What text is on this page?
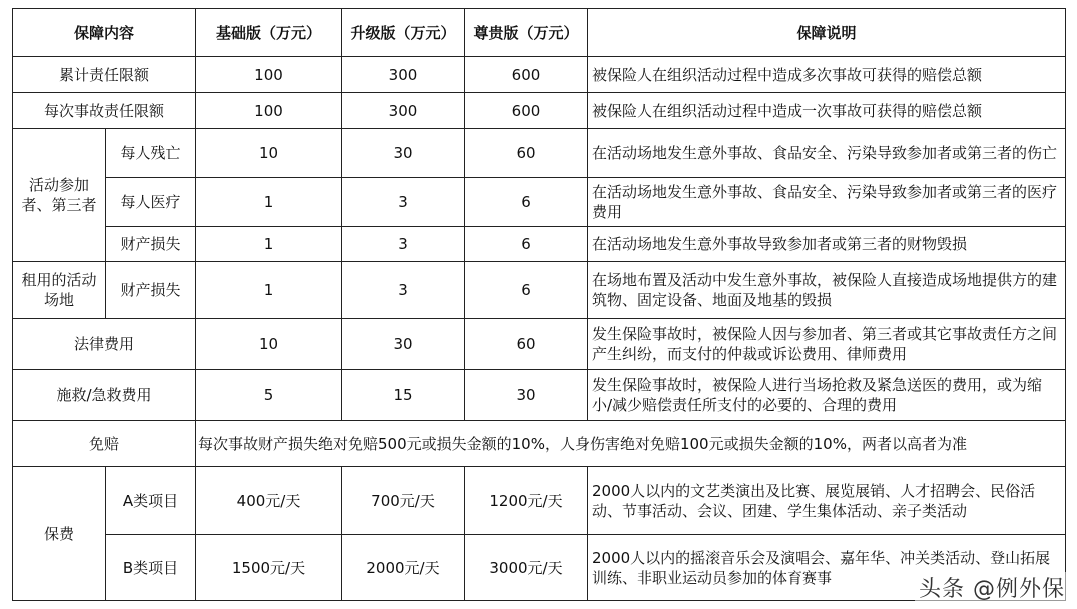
保障内容		基础版（万元）	升级版（万元）	尊贵版（万元）	保障说明
累计责任限额		100	300	600	被保险人在组织活动过程中造成多次事故可获得的赔偿总额
每次事故责任限额		100	300	600	被保险人在组织活动过程中造成一次事故可获得的赔偿总额
活动参加者、第三者	每人残亡	10	30	60	在活动场地发生意外事故、食品安全、污染导致参加者或第三者的伤亡
	每人医疗	1	3	6	在活动场地发生意外事故、食品安全、污染导致参加者或第三者的医疗费用
	财产损失	1	3	6	在活动场地发生意外事故导致参加者或第三者的财物毁损
租用的活动场地	财产损失	1	3	6	在场地布置及活动中发生意外事故，被保险人直接造成场地提供方的建筑物、固定设备、地面及地基的毁损
法律费用		10	30	60	发生保险事故时，被保险人因与参加者、第三者或其它事故责任方之间产生纠纷，而支付的仲裁或诉讼费用、律师费用
施救/急救费用		5	15	30	发生保险事故时，被保险人进行当场抢救及紧急送医的费用，或为缩小/减少赔偿责任所支付的必要的、合理的费用
免赔		每次事故财产损失绝对免赔500元或损失金额的10%，人身伤害绝对免赔100元或损失金额的10%，两者以高者为准			
保费	A类项目	400元/天	700元/天	1200元/天	2000人以内的文艺类演出及比赛、展览展销、人才招聘会、民俗活动、节事活动、会议、团建、学生集体活动、亲子类活动
	B类项目	1500元/天	2000元/天	3000元/天	2000人以内的摇滚音乐会及演唱会、嘉年华、冲关类活动、登山拓展训练、非职业运动员参加的体育赛事	头条 @例外保
